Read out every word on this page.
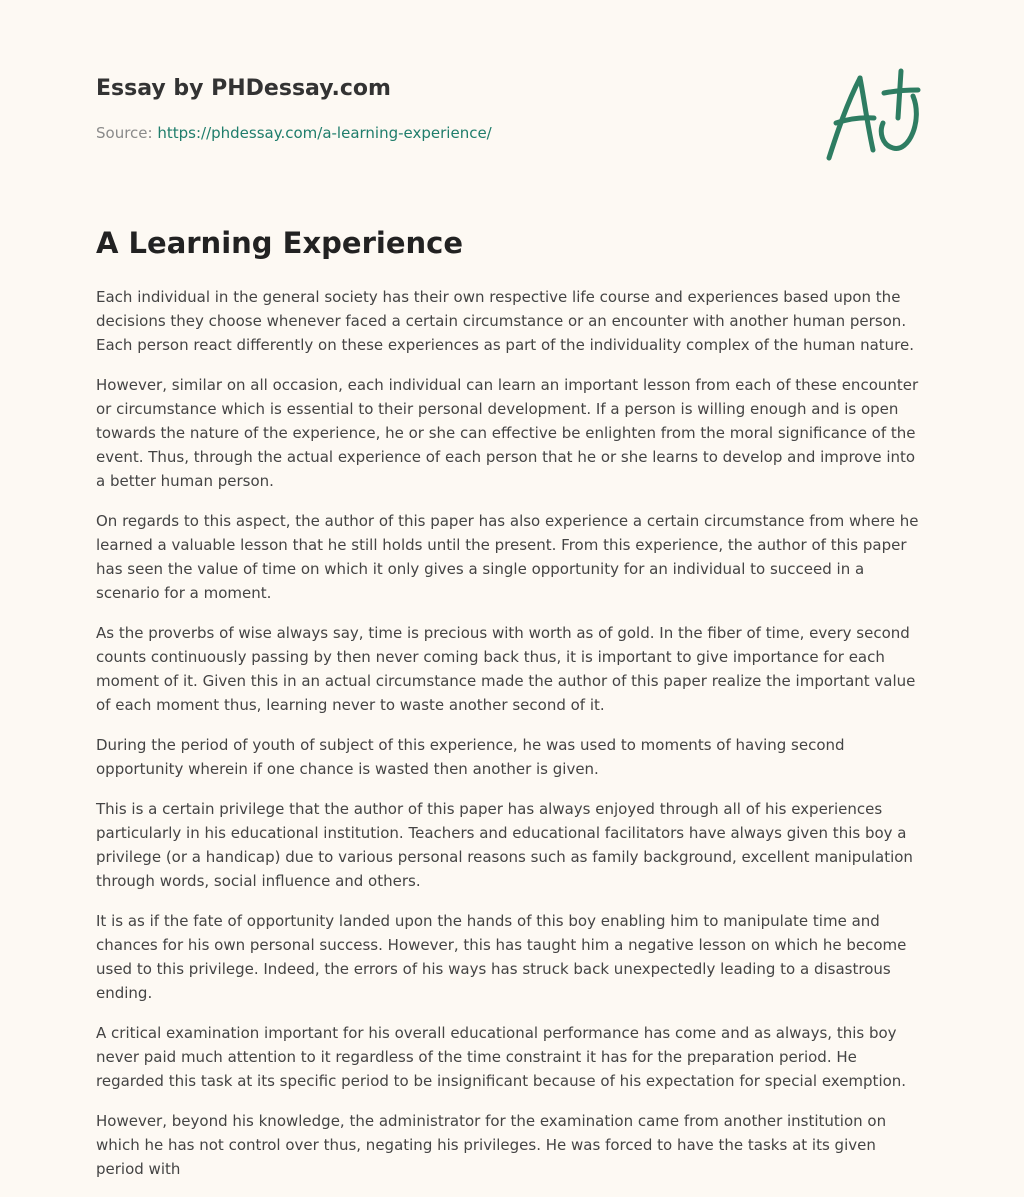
Essay by PHDessay.com

Source: https://phdessay.com/a-learning-experience/

A Learning Experience

Each individual in the general society has their own respective life course and experiences based upon the decisions they choose whenever faced a certain circumstance or an encounter with another human person. Each person react differently on these experiences as part of the individuality complex of the human nature.

However, similar on all occasion, each individual can learn an important lesson from each of these encounter or circumstance which is essential to their personal development. If a person is willing enough and is open towards the nature of the experience, he or she can effective be enlighten from the moral significance of the event. Thus, through the actual experience of each person that he or she learns to develop and improve into a better human person.

On regards to this aspect, the author of this paper has also experience a certain circumstance from where he learned a valuable lesson that he still holds until the present. From this experience, the author of this paper has seen the value of time on which it only gives a single opportunity for an individual to succeed in a scenario for a moment.

As the proverbs of wise always say, time is precious with worth as of gold. In the fiber of time, every second counts continuously passing by then never coming back thus, it is important to give importance for each moment of it. Given this in an actual circumstance made the author of this paper realize the important value of each moment thus, learning never to waste another second of it.

During the period of youth of subject of this experience, he was used to moments of having second opportunity wherein if one chance is wasted then another is given.

This is a certain privilege that the author of this paper has always enjoyed through all of his experiences particularly in his educational institution. Teachers and educational facilitators have always given this boy a privilege (or a handicap) due to various personal reasons such as family background, excellent manipulation through words, social influence and others.

It is as if the fate of opportunity landed upon the hands of this boy enabling him to manipulate time and chances for his own personal success. However, this has taught him a negative lesson on which he become used to this privilege. Indeed, the errors of his ways has struck back unexpectedly leading to a disastrous ending.

A critical examination important for his overall educational performance has come and as always, this boy never paid much attention to it regardless of the time constraint it has for the preparation period. He regarded this task at its specific period to be insignificant because of his expectation for special exemption.

However, beyond his knowledge, the administrator for the examination came from another institution on which he has not control over thus, negating his privileges. He was forced to have the tasks at its given period with
